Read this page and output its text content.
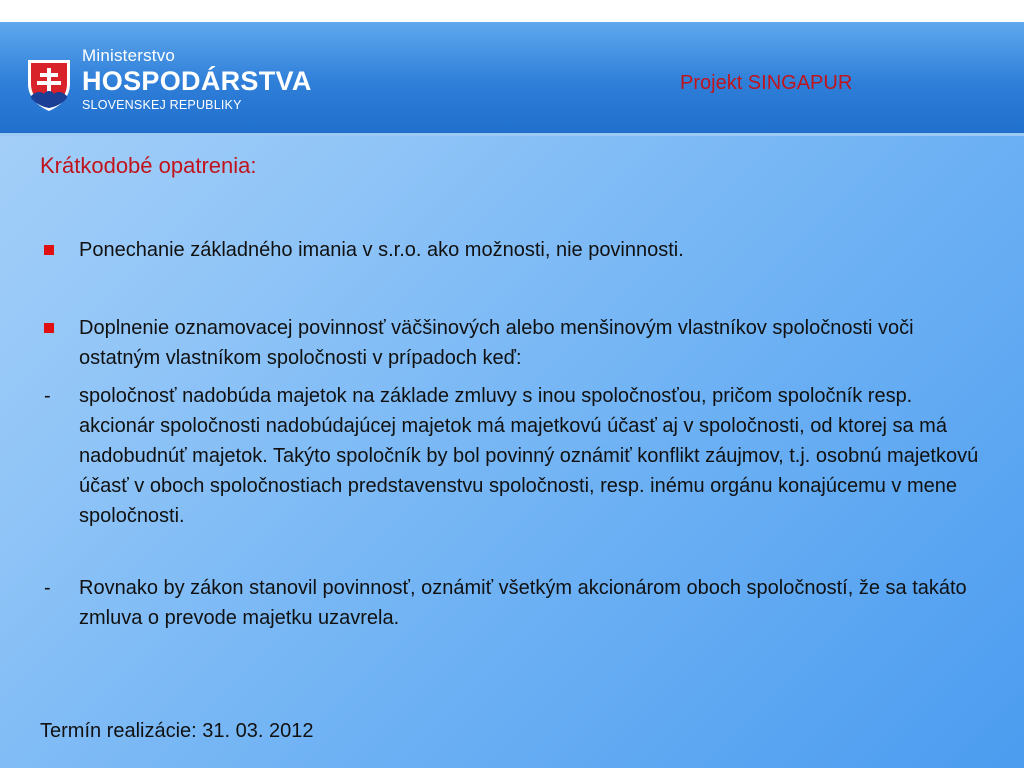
Ministerstvo
HOSPODÁRSTVA
SLOVENSKEJ REPUBLIKY
Projekt SINGAPUR
Krátkodobé opatrenia:
Ponechanie základného imania v s.r.o. ako možnosti, nie povinnosti.
Doplnenie oznamovacej povinnosť väčšinových alebo menšinovým vlastníkov spoločnosti voči ostatným vlastníkom spoločnosti v prípadoch keď:
- spoločnosť nadobúda majetok na základe zmluvy s inou spoločnosťou, pričom spoločník resp. akcionár spoločnosti nadobúdajúcej majetok má majetkovú účasť aj v spoločnosti, od ktorej sa má nadobudnúť majetok. Takýto spoločník by bol povinný oznámiť konflikt záujmov, t.j. osobnú majetkovú účasť v oboch spoločnostiach predstavenstvu spoločnosti, resp. inému orgánu konajúcemu v mene spoločnosti.
- Rovnako by zákon stanovil povinnosť, oznámiť všetkým akcionárom oboch spoločností, že sa takáto zmluva o prevode majetku uzavrela.
Termín realizácie: 31. 03. 2012
